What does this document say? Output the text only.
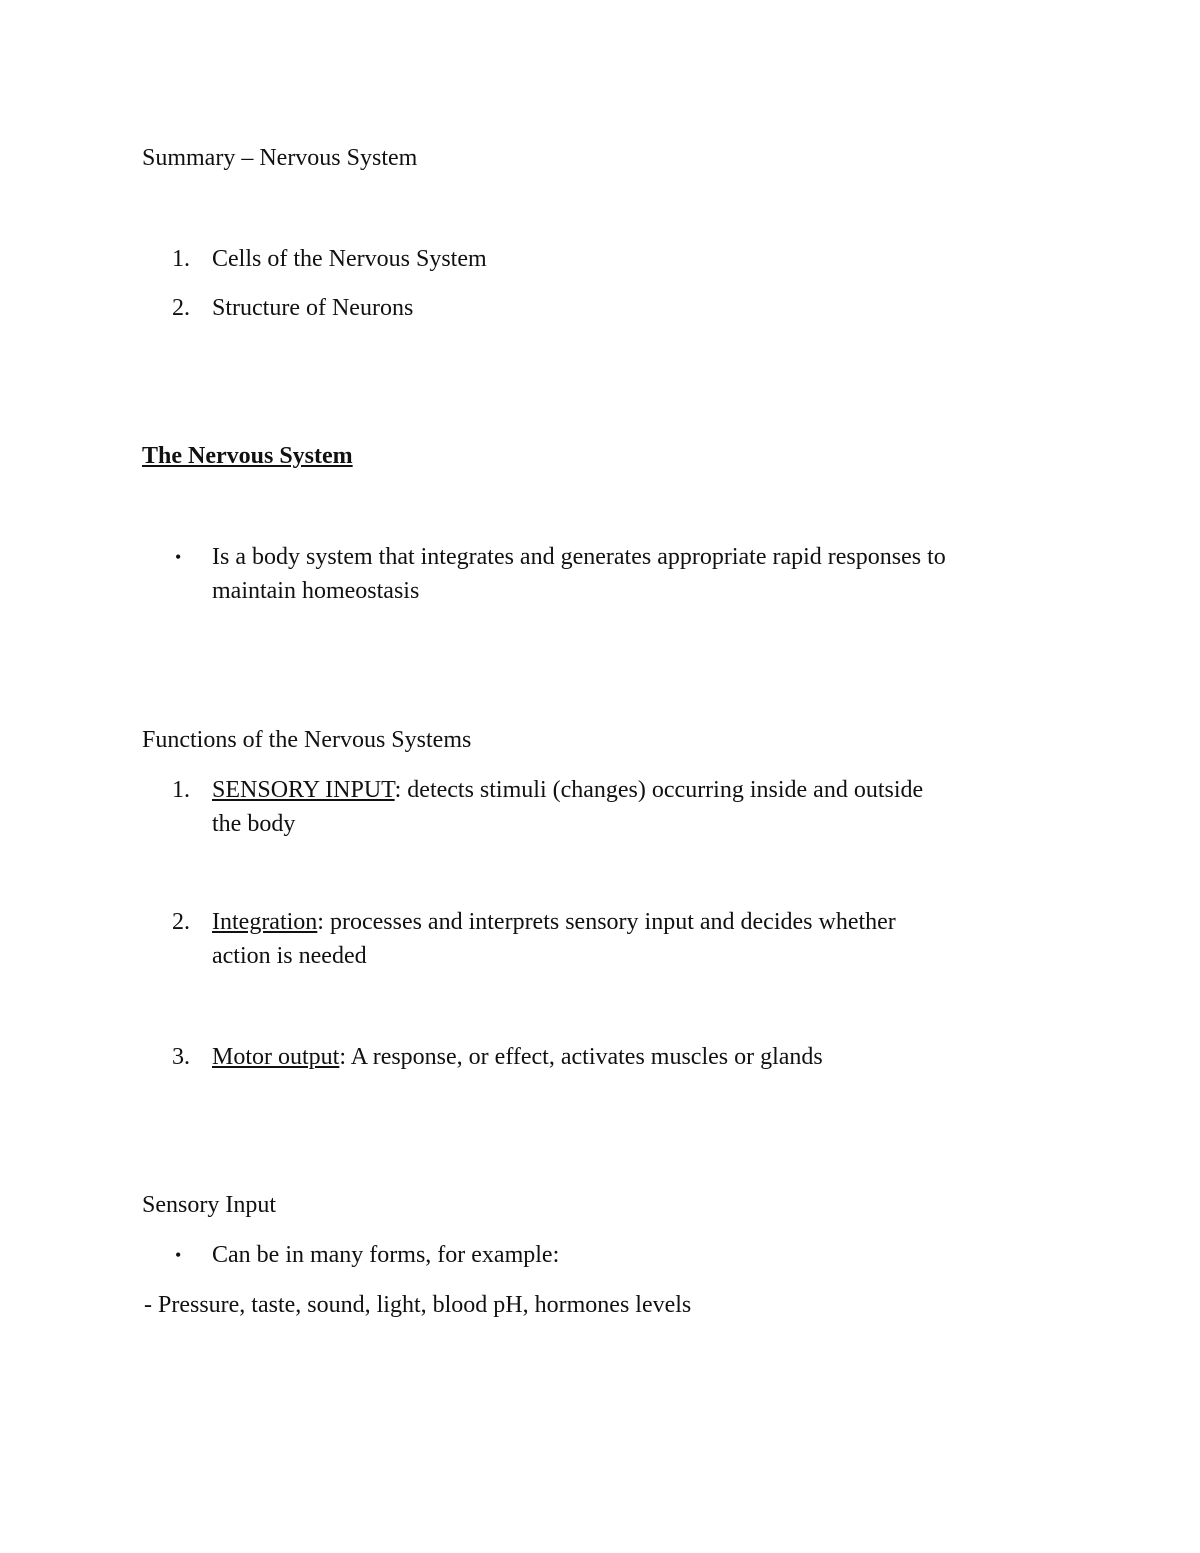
Summary – Nervous System
1. Cells of the Nervous System
2. Structure of Neurons
The Nervous System
• Is a body system that integrates and generates appropriate rapid responses to
maintain homeostasis
Functions of the Nervous Systems
1. SENSORY INPUT: detects stimuli (changes) occurring inside and outside
the body
2. Integration: processes and interprets sensory input and decides whether
action is needed
3. Motor output: A response, or effect, activates muscles or glands
Sensory Input
• Can be in many forms, for example:
- Pressure, taste, sound, light, blood pH, hormones levels
